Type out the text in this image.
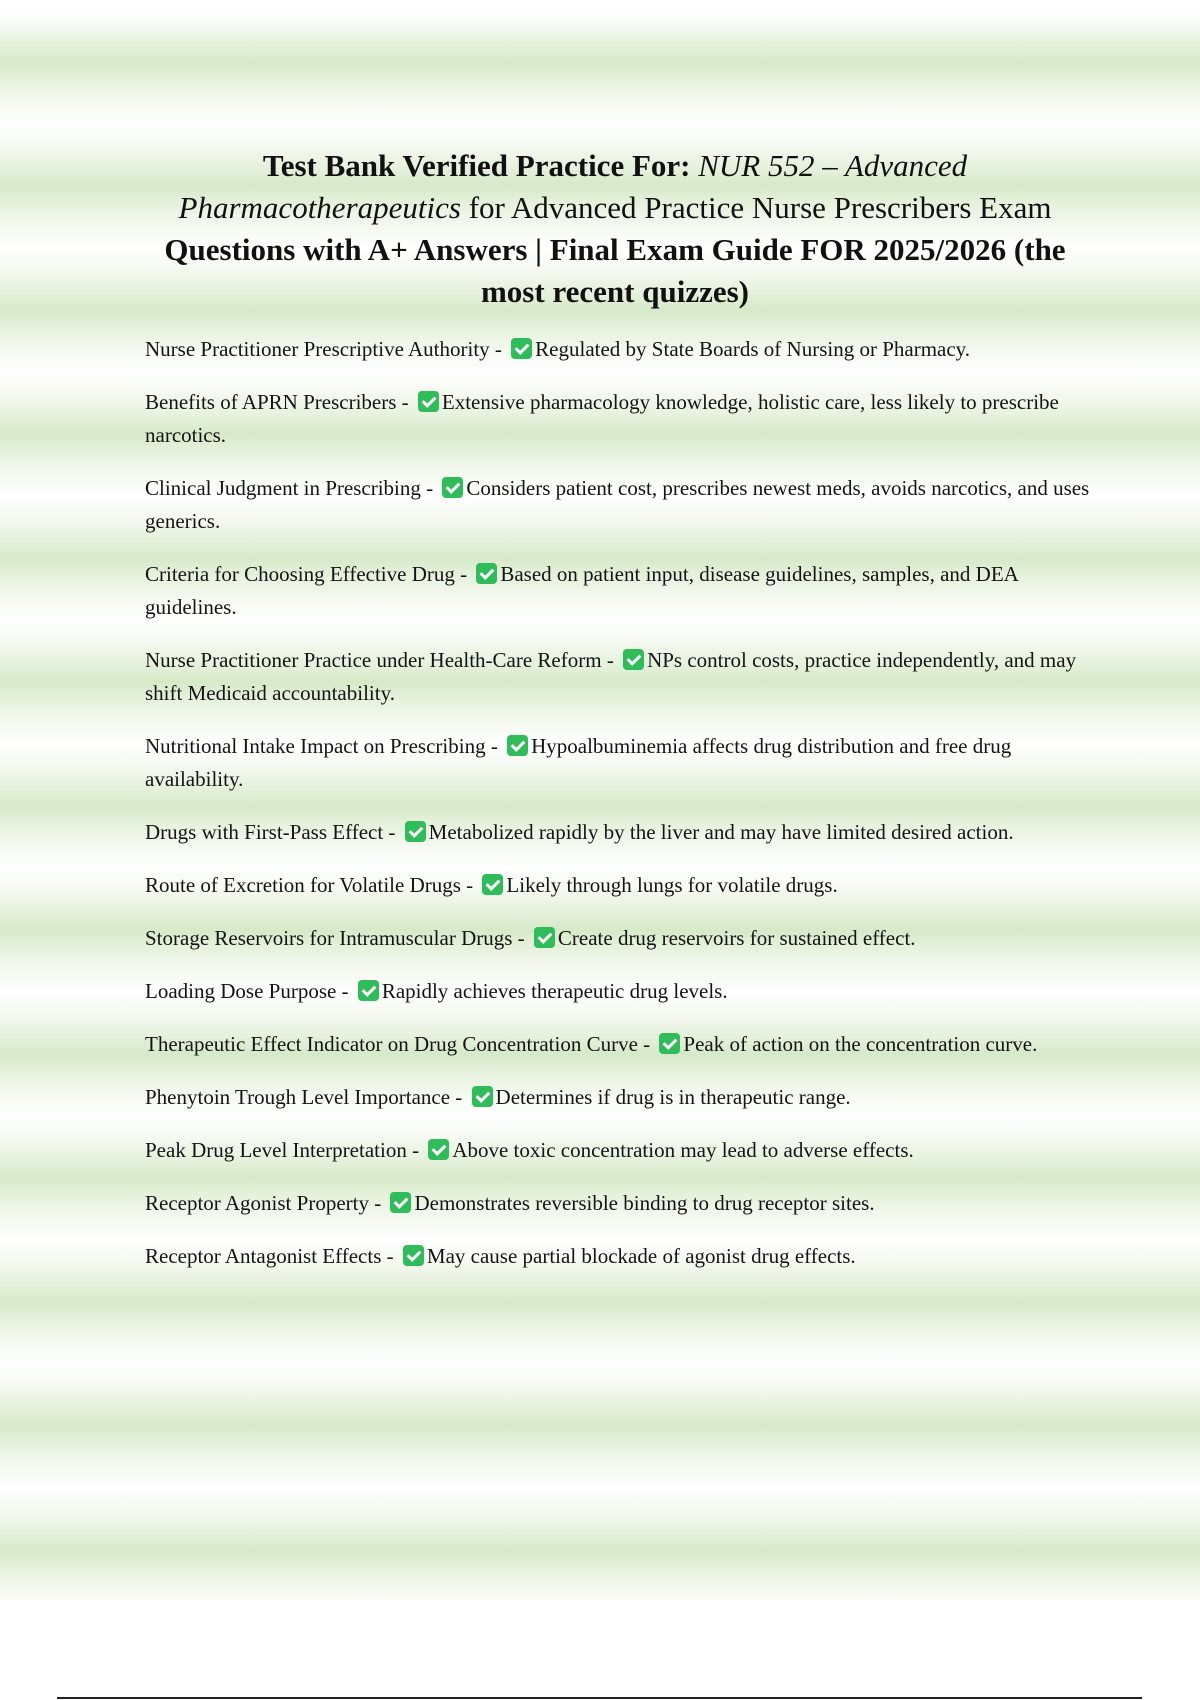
Test Bank Verified Practice For: NUR 552 – Advanced Pharmacotherapeutics for Advanced Practice Nurse Prescribers Exam Questions with A+ Answers | Final Exam Guide FOR 2025/2026 (the most recent quizzes)
Nurse Practitioner Prescriptive Authority - Regulated by State Boards of Nursing or Pharmacy.
Benefits of APRN Prescribers - Extensive pharmacology knowledge, holistic care, less likely to prescribe narcotics.
Clinical Judgment in Prescribing - Considers patient cost, prescribes newest meds, avoids narcotics, and uses generics.
Criteria for Choosing Effective Drug - Based on patient input, disease guidelines, samples, and DEA guidelines.
Nurse Practitioner Practice under Health-Care Reform - NPs control costs, practice independently, and may shift Medicaid accountability.
Nutritional Intake Impact on Prescribing - Hypoalbuminemia affects drug distribution and free drug availability.
Drugs with First-Pass Effect - Metabolized rapidly by the liver and may have limited desired action.
Route of Excretion for Volatile Drugs - Likely through lungs for volatile drugs.
Storage Reservoirs for Intramuscular Drugs - Create drug reservoirs for sustained effect.
Loading Dose Purpose - Rapidly achieves therapeutic drug levels.
Therapeutic Effect Indicator on Drug Concentration Curve - Peak of action on the concentration curve.
Phenytoin Trough Level Importance - Determines if drug is in therapeutic range.
Peak Drug Level Interpretation - Above toxic concentration may lead to adverse effects.
Receptor Agonist Property - Demonstrates reversible binding to drug receptor sites.
Receptor Antagonist Effects - May cause partial blockade of agonist drug effects.
